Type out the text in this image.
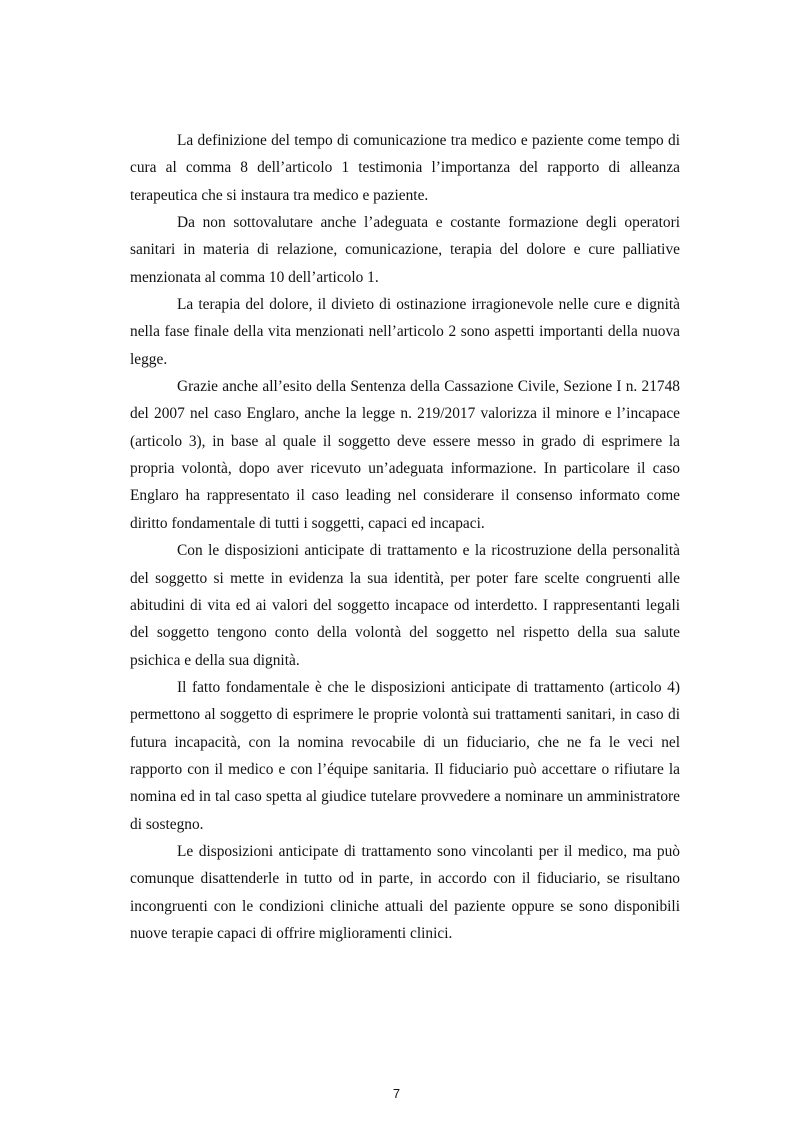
La definizione del tempo di comunicazione tra medico e paziente come tempo di cura al comma 8 dell’articolo 1 testimonia l’importanza del rapporto di alleanza terapeutica che si instaura tra medico e paziente.

Da non sottovalutare anche l’adeguata e costante formazione degli operatori sanitari in materia di relazione, comunicazione, terapia del dolore e cure palliative menzionata al comma 10 dell’articolo 1.

La terapia del dolore, il divieto di ostinazione irragionevole nelle cure e dignità nella fase finale della vita menzionati nell’articolo 2 sono aspetti importanti della nuova legge.

Grazie anche all’esito della Sentenza della Cassazione Civile, Sezione I n. 21748 del 2007 nel caso Englaro, anche la legge n. 219/2017 valorizza il minore e l’incapace (articolo 3), in base al quale il soggetto deve essere messo in grado di esprimere la propria volontà, dopo aver ricevuto un’adeguata informazione. In particolare il caso Englaro ha rappresentato il caso leading nel considerare il consenso informato come diritto fondamentale di tutti i soggetti, capaci ed incapaci.

Con le disposizioni anticipate di trattamento e la ricostruzione della personalità del soggetto si mette in evidenza la sua identità, per poter fare scelte congruenti alle abitudini di vita ed ai valori del soggetto incapace od interdetto. I rappresentanti legali del soggetto tengono conto della volontà del soggetto nel rispetto della sua salute psichica e della sua dignità.

Il fatto fondamentale è che le disposizioni anticipate di trattamento (articolo 4) permettono al soggetto di esprimere le proprie volontà sui trattamenti sanitari, in caso di futura incapacità, con la nomina revocabile di un fiduciario, che ne fa le veci nel rapporto con il medico e con l’équipe sanitaria. Il fiduciario può accettare o rifiutare la nomina ed in tal caso spetta al giudice tutelare provvedere a nominare un amministratore di sostegno.

Le disposizioni anticipate di trattamento sono vincolanti per il medico, ma può comunque disattenderle in tutto od in parte, in accordo con il fiduciario, se risultano incongruenti con le condizioni cliniche attuali del paziente oppure se sono disponibili nuove terapie capaci di offrire miglioramenti clinici.

7
